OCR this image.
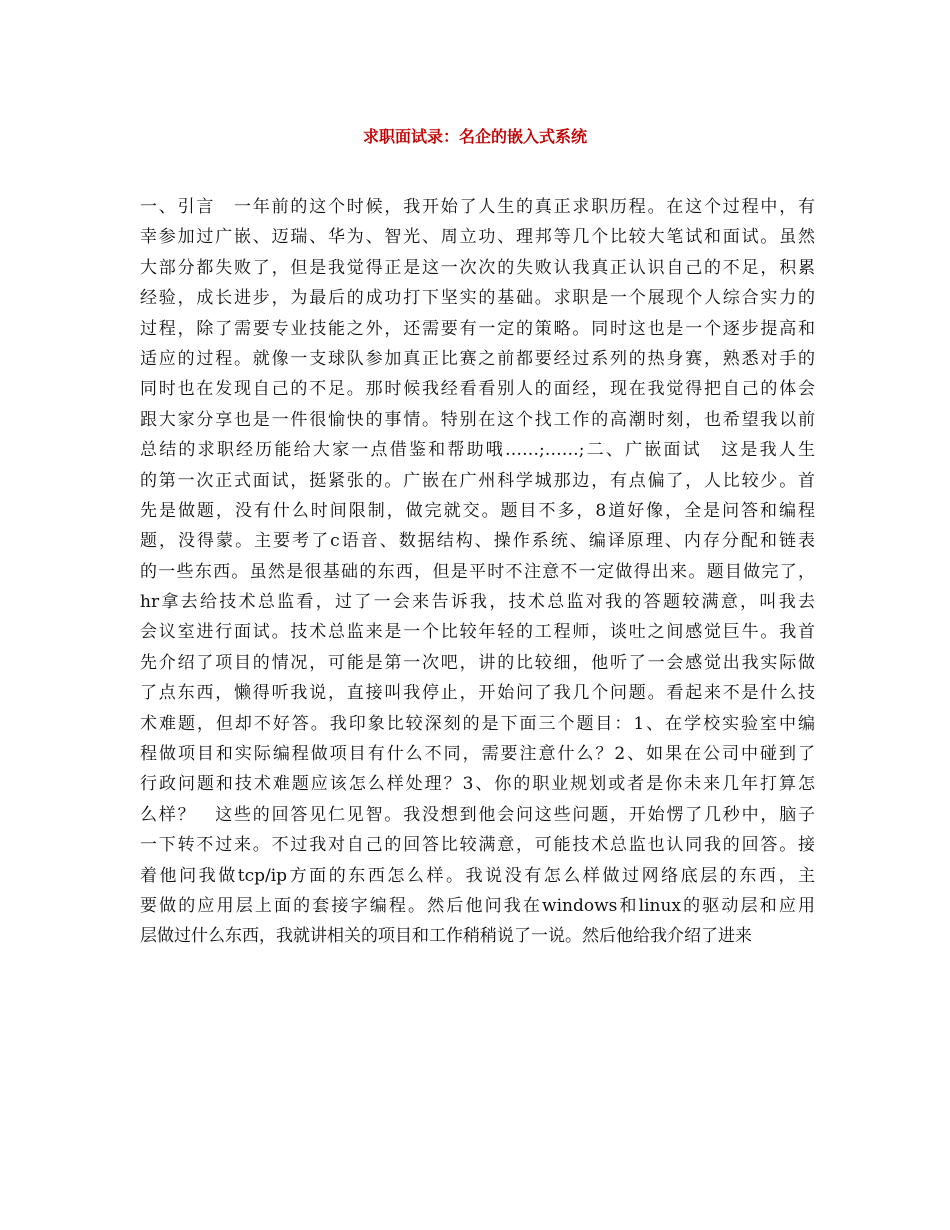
求职面试录：名企的嵌入式系统
一、引言　一年前的这个时候，我开始了人生的真正求职历程。在这个过程中，有
幸参加过广嵌、迈瑞、华为、智光、周立功、理邦等几个比较大笔试和面试。虽然
大部分都失败了，但是我觉得正是这一次次的失败认我真正认识自己的不足，积累
经验，成长进步，为最后的成功打下坚实的基础。求职是一个展现个人综合实力的
过程，除了需要专业技能之外，还需要有一定的策略。同时这也是一个逐步提高和
适应的过程。就像一支球队参加真正比赛之前都要经过系列的热身赛，熟悉对手的
同时也在发现自己的不足。那时候我经看看别人的面经，现在我觉得把自己的体会
跟大家分享也是一件很愉快的事情。特别在这个找工作的高潮时刻，也希望我以前
总结的求职经历能给大家一点借鉴和帮助哦……;……;二、广嵌面试　这是我人生
的第一次正式面试，挺紧张的。广嵌在广州科学城那边，有点偏了，人比较少。首
先是做题，没有什么时间限制，做完就交。题目不多，8道好像，全是问答和编程
题，没得蒙。主要考了c语音、数据结构、操作系统、编译原理、内存分配和链表
的一些东西。虽然是很基础的东西，但是平时不注意不一定做得出来。题目做完了，
hr拿去给技术总监看，过了一会来告诉我，技术总监对我的答题较满意，叫我去
会议室进行面试。技术总监来是一个比较年轻的工程师，谈吐之间感觉巨牛。我首
先介绍了项目的情况，可能是第一次吧，讲的比较细，他听了一会感觉出我实际做
了点东西，懒得听我说，直接叫我停止，开始问了我几个问题。看起来不是什么技
术难题，但却不好答。我印象比较深刻的是下面三个题目：1、在学校实验室中编
程做项目和实际编程做项目有什么不同，需要注意什么？2、如果在公司中碰到了
行政问题和技术难题应该怎么样处理？3、你的职业规划或者是你未来几年打算怎
么样？　这些的回答见仁见智。我没想到他会问这些问题，开始愣了几秒中，脑子
一下转不过来。不过我对自己的回答比较满意，可能技术总监也认同我的回答。接
着他问我做tcp/ip方面的东西怎么样。我说没有怎么样做过网络底层的东西，主
要做的应用层上面的套接字编程。然后他问我在windows和linux的驱动层和应用
层做过什么东西，我就讲相关的项目和工作稍稍说了一说。然后他给我介绍了进来
